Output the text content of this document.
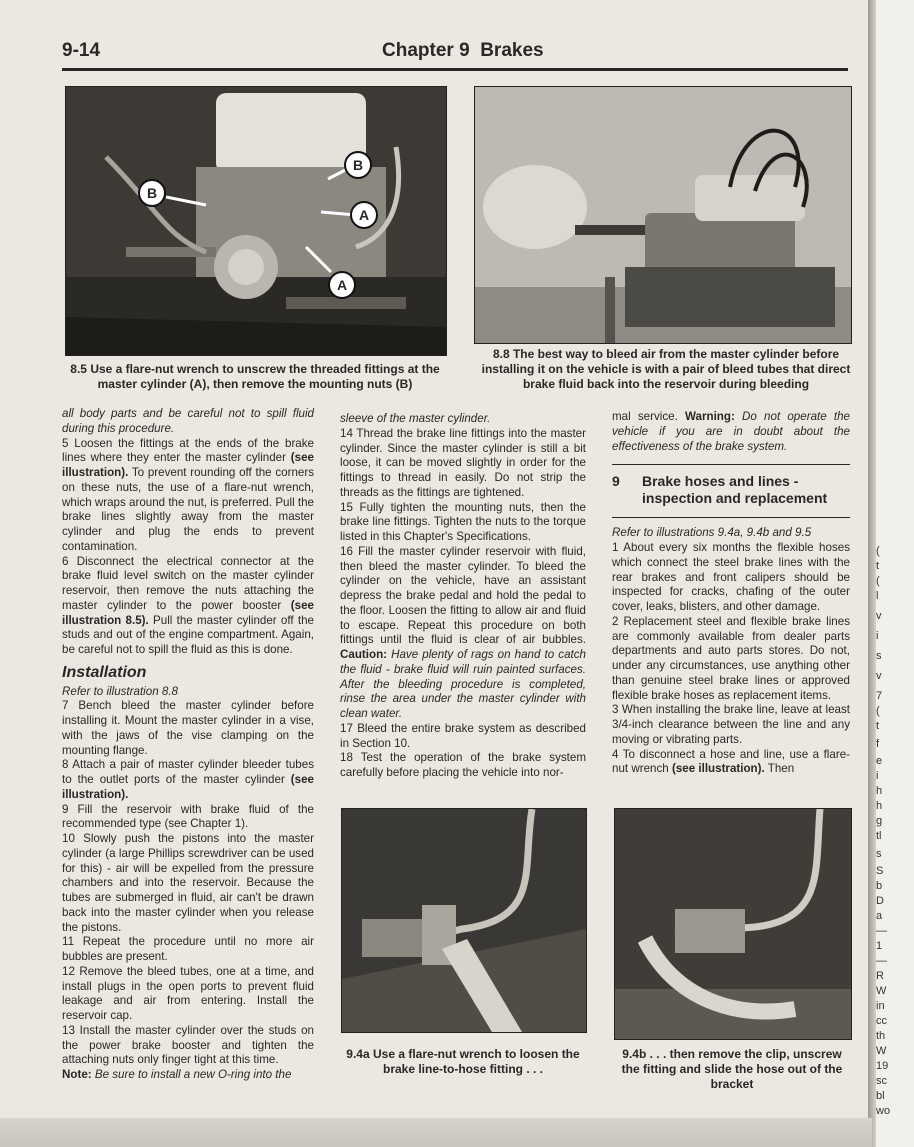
(
t
(
l
v
i
s
v
7
(
t
f
e
i
h
h
g
tl
s
S
b
D
a
—
1
—
R
W
in
cc
th
W
19
sc
bl
wo
9-14	Chapter 9 Brakes
B
B
A
A
8.5 Use a flare-nut wrench to unscrew the threaded fittings at the master cylinder (A), then remove the mounting nuts (B)
8.8 The best way to bleed air from the master cylinder before installing it on the vehicle is with a pair of bleed tubes that direct brake fluid back into the reservoir during bleeding

all body parts and be careful not to spill fluid during this procedure.

5 Loosen the fittings at the ends of the brake lines where they enter the master cylinder (see illustration). To prevent rounding off the corners on these nuts, the use of a flare-nut wrench, which wraps around the nut, is preferred. Pull the brake lines slightly away from the master cylinder and plug the ends to prevent contamination.

6 Disconnect the electrical connector at the brake fluid level switch on the master cylinder reservoir, then remove the nuts attaching the master cylinder to the power booster (see illustration 8.5). Pull the master cylinder off the studs and out of the engine compartment. Again, be careful not to spill the fluid as this is done.

Installation

Refer to illustration 8.8

7 Bench bleed the master cylinder before installing it. Mount the master cylinder in a vise, with the jaws of the vise clamping on the mounting flange.

8 Attach a pair of master cylinder bleeder tubes to the outlet ports of the master cylinder (see illustration).

9 Fill the reservoir with brake fluid of the recommended type (see Chapter 1).

10 Slowly push the pistons into the master cylinder (a large Phillips screwdriver can be used for this) - air will be expelled from the pressure chambers and into the reservoir. Because the tubes are submerged in fluid, air can't be drawn back into the master cylinder when you release the pistons.

11 Repeat the procedure until no more air bubbles are present.

12 Remove the bleed tubes, one at a time, and install plugs in the open ports to prevent fluid leakage and air from entering. Install the reservoir cap.

13 Install the master cylinder over the studs on the power brake booster and tighten the attaching nuts only finger tight at this time.

Note: Be sure to install a new O-ring into the

sleeve of the master cylinder.

14 Thread the brake line fittings into the master cylinder. Since the master cylinder is still a bit loose, it can be moved slightly in order for the fittings to thread in easily. Do not strip the threads as the fittings are tightened.

15 Fully tighten the mounting nuts, then the brake line fittings. Tighten the nuts to the torque listed in this Chapter's Specifications.

16 Fill the master cylinder reservoir with fluid, then bleed the master cylinder. To bleed the cylinder on the vehicle, have an assistant depress the brake pedal and hold the pedal to the floor. Loosen the fitting to allow air and fluid to escape. Repeat this procedure on both fittings until the fluid is clear of air bubbles. Caution: Have plenty of rags on hand to catch the fluid - brake fluid will ruin painted surfaces. After the bleeding procedure is completed, rinse the area under the master cylinder with clean water.

17 Bleed the entire brake system as described in Section 10.

18 Test the operation of the brake system carefully before placing the vehicle into nor-

mal service. Warning: Do not operate the vehicle if you are in doubt about the effectiveness of the brake system.

9	Brake hoses and lines - inspection and replacement

Refer to illustrations 9.4a, 9.4b and 9.5

1 About every six months the flexible hoses which connect the steel brake lines with the rear brakes and front calipers should be inspected for cracks, chafing of the outer cover, leaks, blisters, and other damage.

2 Replacement steel and flexible brake lines are commonly available from dealer parts departments and auto parts stores. Do not, under any circumstances, use anything other than genuine steel brake lines or approved flexible brake hoses as replacement items.

3 When installing the brake line, leave at least 3/4-inch clearance between the line and any moving or vibrating parts.

4 To disconnect a hose and line, use a flare-nut wrench (see illustration). Then

9.4a Use a flare-nut wrench to loosen the brake line-to-hose fitting . . .
9.4b . . . then remove the clip, unscrew the fitting and slide the hose out of the bracket
